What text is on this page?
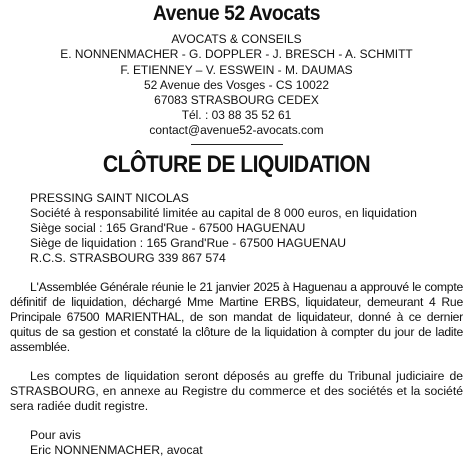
Avenue 52 Avocats
AVOCATS & CONSEILS
E. NONNENMACHER - G. DOPPLER - J. BRESCH - A. SCHMITT
F. ETIENNEY – V. ESSWEIN - M. DAUMAS
52 Avenue des Vosges - CS 10022
67083 STRASBOURG CEDEX
Tél. : 03 88 35 52 61
contact@avenue52-avocats.com
CLÔTURE DE LIQUIDATION
PRESSING SAINT NICOLAS
Société à responsabilité limitée au capital de 8 000 euros, en liquidation
Siège social : 165 Grand'Rue - 67500 HAGUENAU
Siège de liquidation : 165 Grand'Rue - 67500 HAGUENAU
R.C.S. STRASBOURG 339 867 574

L'Assemblée Générale réunie le 21 janvier 2025 à Haguenau a approuvé le compte définitif de liquidation, déchargé Mme Martine ERBS, liquidateur, demeurant 4 Rue Principale 67500 MARIENTHAL, de son mandat de liquidateur, donné à ce dernier quitus de sa gestion et constaté la clôture de la liquidation à compter du jour de ladite assemblée.

Les comptes de liquidation seront déposés au greffe du Tribunal judiciaire de STRASBOURG, en annexe au Registre du commerce et des sociétés et la société sera radiée dudit registre.

Pour avis
Eric NONNENMACHER, avocat
